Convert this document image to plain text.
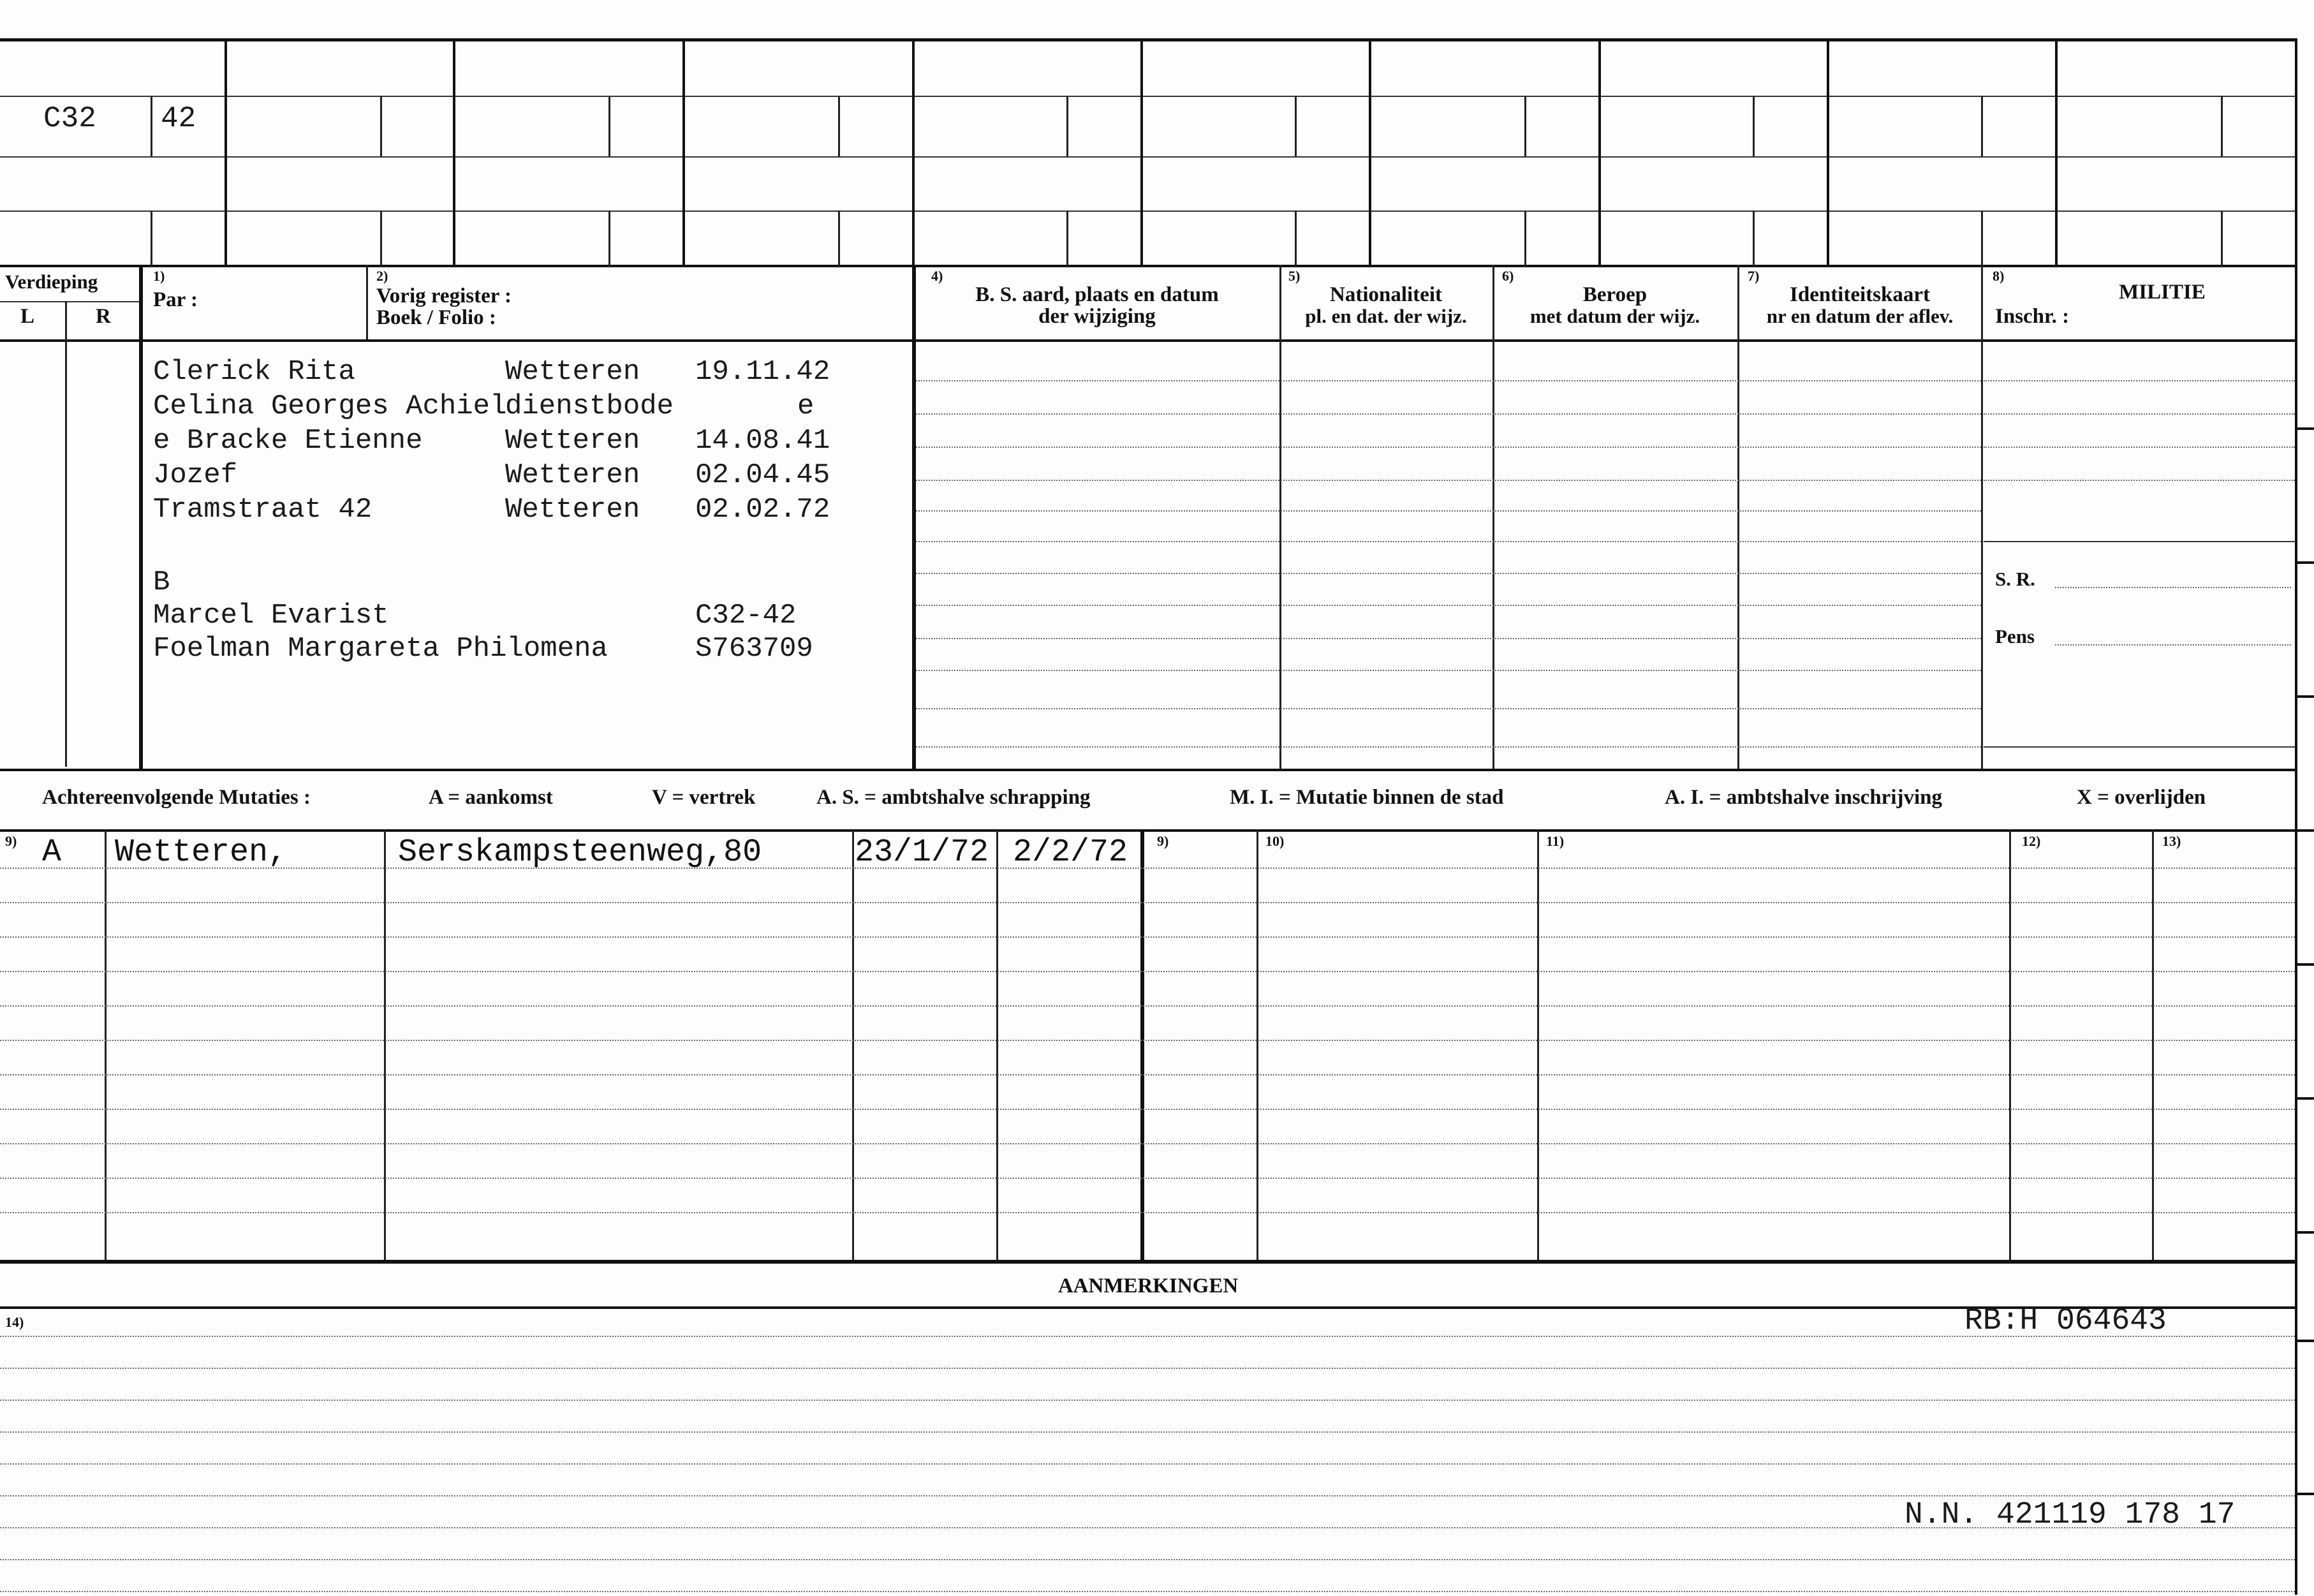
C32 42
Verdieping
L	R
1)
Par :
2)
Vorig register :
Boek / Folio :
4)
B. S. aard, plaats en datum
der wijziging
5)
Nationaliteit
pl. en dat. der wijz.
6)
Beroep
met datum der wijz.
7)
Identiteitskaart
nr en datum der aflev.
8)
MILITIE
Inschr. :
S. R.
Pens
Clerick Rita	Wetteren 19.11.42
Celina Georges Achiel
dienstbode	e
e Bracke Etienne	Wetteren 14.08.41
Jozef	Wetteren 02.04.45
Tramstraat 42	Wetteren 02.02.72
B
Marcel Evarist	C32-42
Foelman Margareta Philomena	S763709
Achtereenvolgende Mutaties :	A = aankomst	V = vertrek	A. S. = ambtshalve schrapping	M. I. = Mutatie binnen de stad	A. I. = ambtshalve inschrijving	X = overlijden
9)	9)	10)	11)	12)	13)
A Wetteren,	Serskampsteenweg,80	23/1/72 2/2/72
AANMERKINGEN
14)	RB:H 064643
N.N. 421119 178 17
